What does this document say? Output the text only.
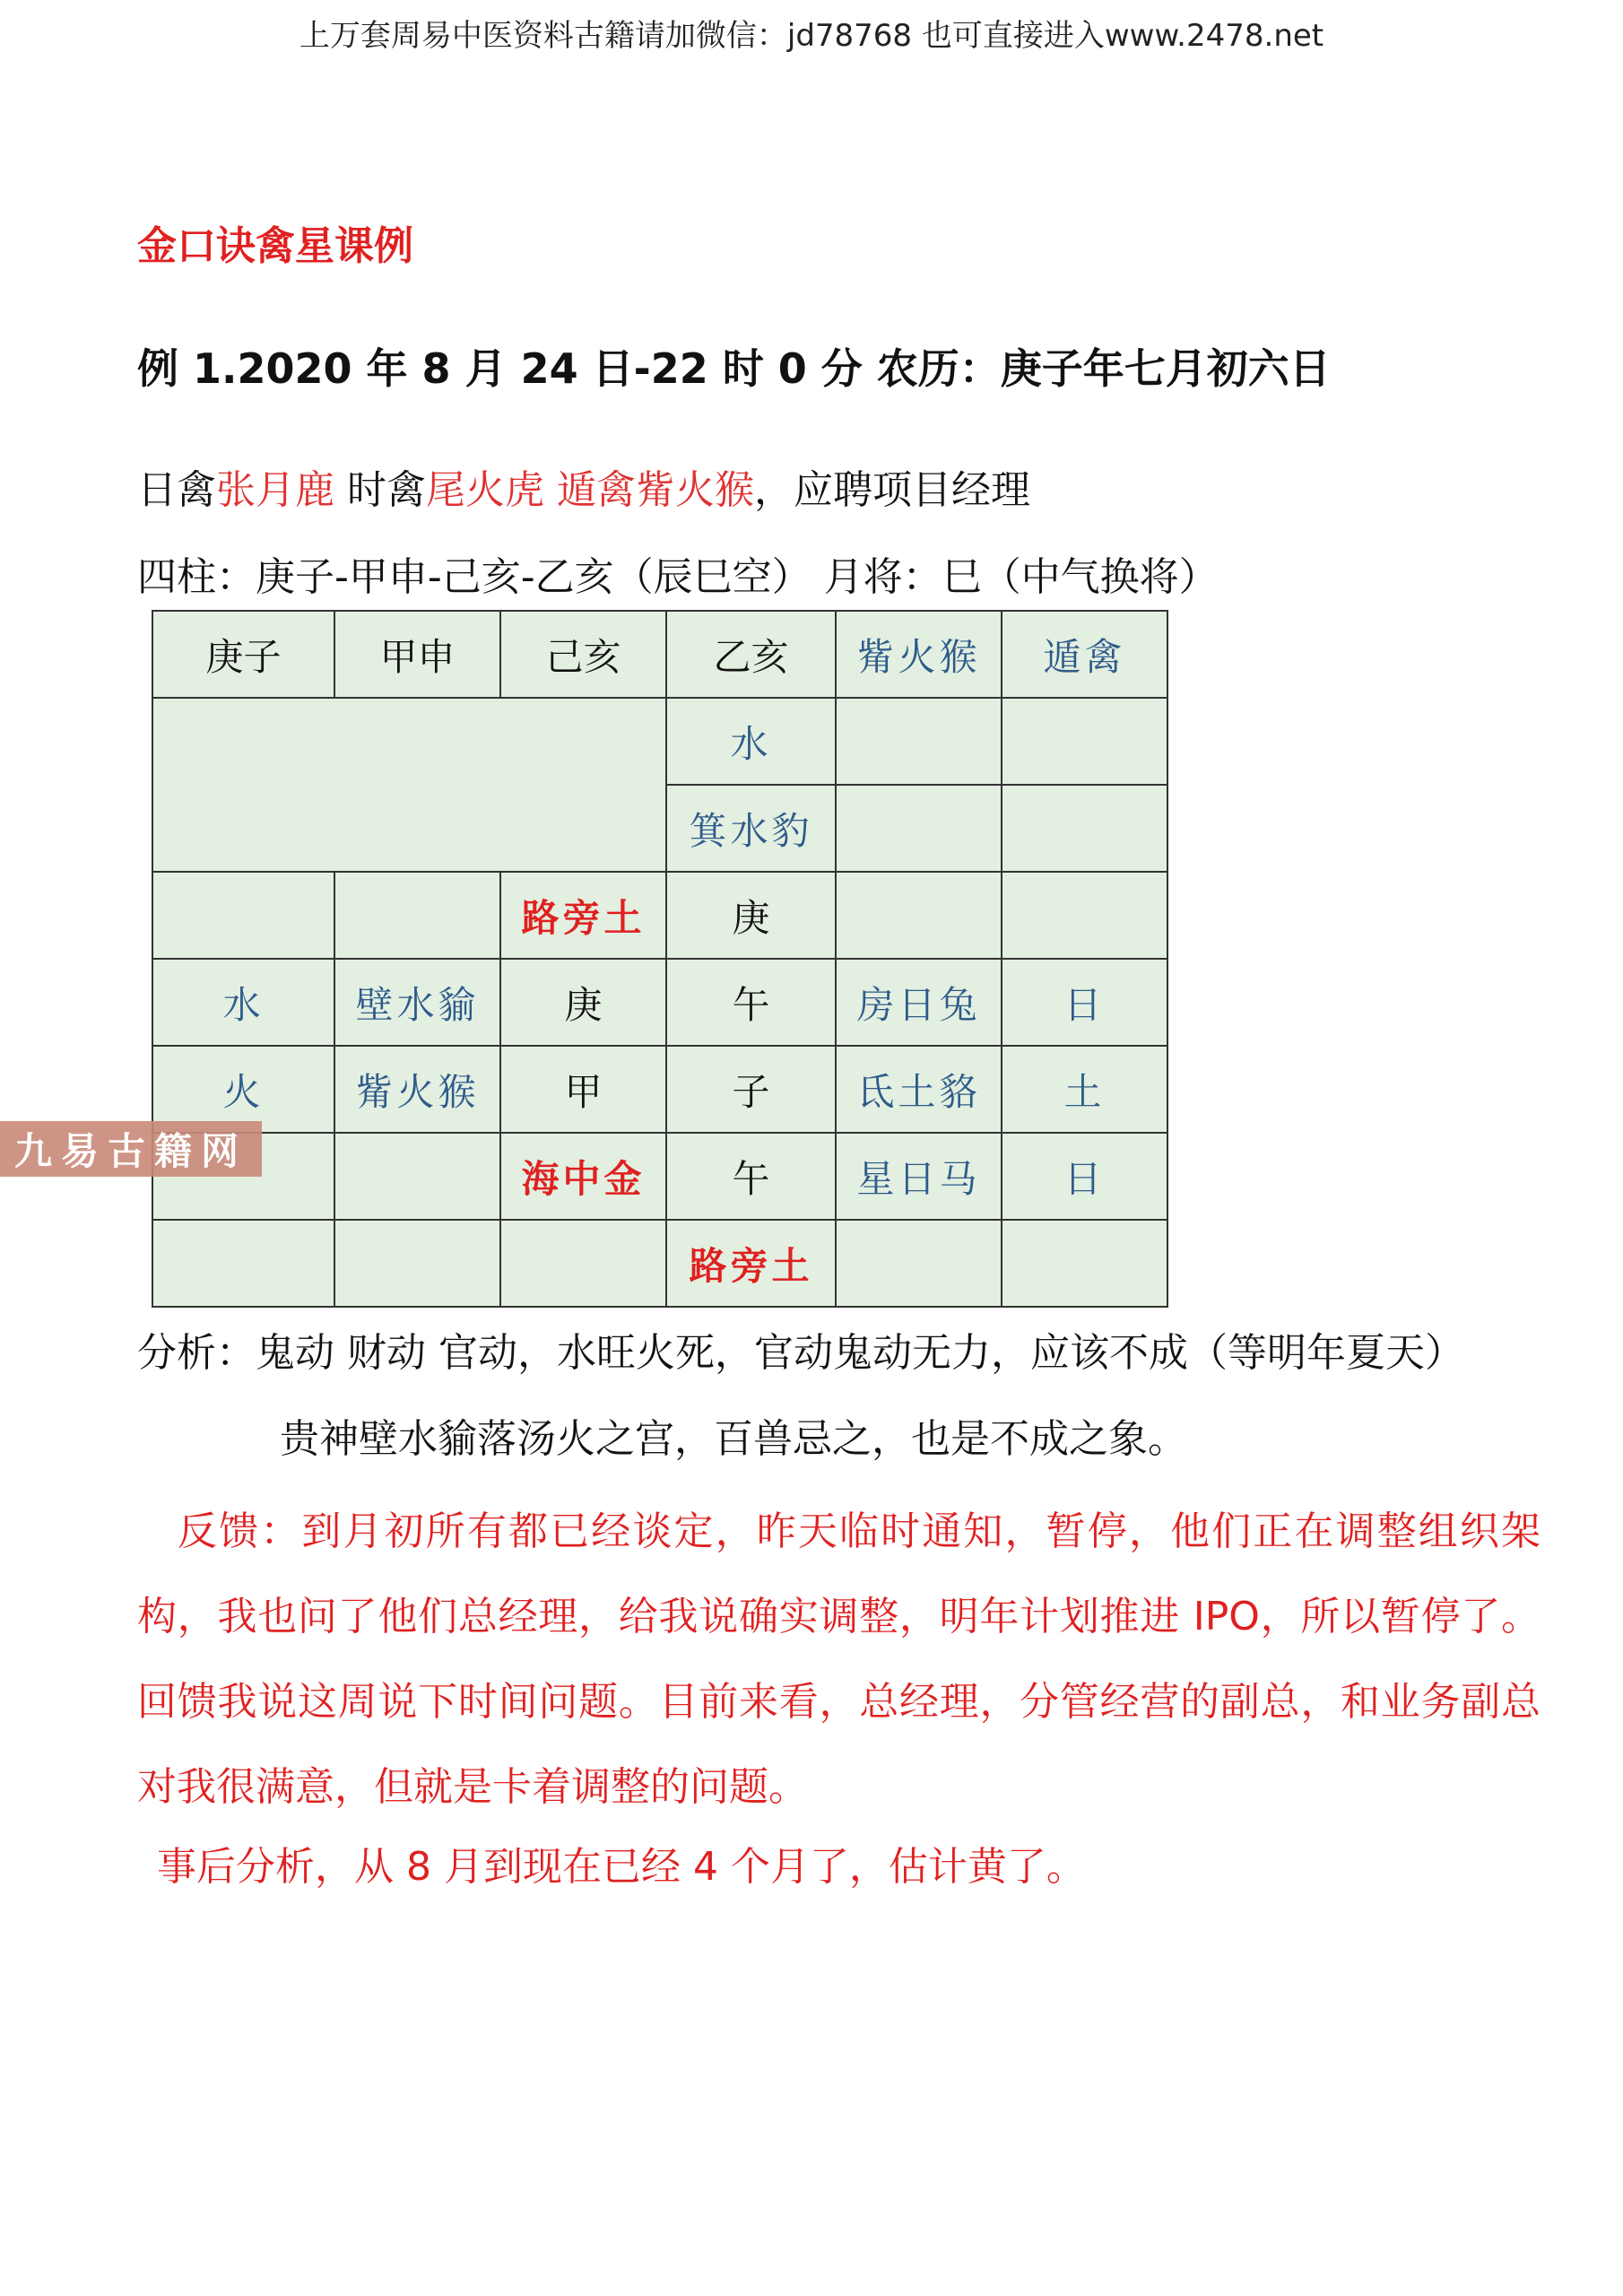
上万套周易中医资料古籍请加微信：jd78768 也可直接进入www.2478.net
金口诀禽星课例
例 1.2020 年 8 月 24 日-22 时 0 分 农历：庚子年七月初六日
日禽张月鹿 时禽尾火虎 遁禽觜火猴，应聘项目经理
四柱：庚子-甲申-己亥-乙亥（辰巳空） 月将：巳（中气换将）
庚子	甲申	己亥	乙亥	觜火猴	遁禽
			水		
			箕水豹		
		路旁土	庚		
水	壁水貐	庚	午	房日兔	日
火	觜火猴	甲	子	氐土貉	土
		海中金	午	星日马	日
			路旁土		
九易古籍网
分析：鬼动 财动 官动，水旺火死，官动鬼动无力，应该不成（等明年夏天）
贵神壁水貐落汤火之宫，百兽忌之，也是不成之象。
反馈：到月初所有都已经谈定，昨天临时通知，暂停，他们正在调整组织架构，我也问了他们总经理，给我说确实调整，明年计划推进 IPO，所以暂停了。回馈我说这周说下时间问题。目前来看，总经理，分管经营的副总，和业务副总对我很满意，但就是卡着调整的问题。
事后分析，从 8 月到现在已经 4 个月了，估计黄了。
